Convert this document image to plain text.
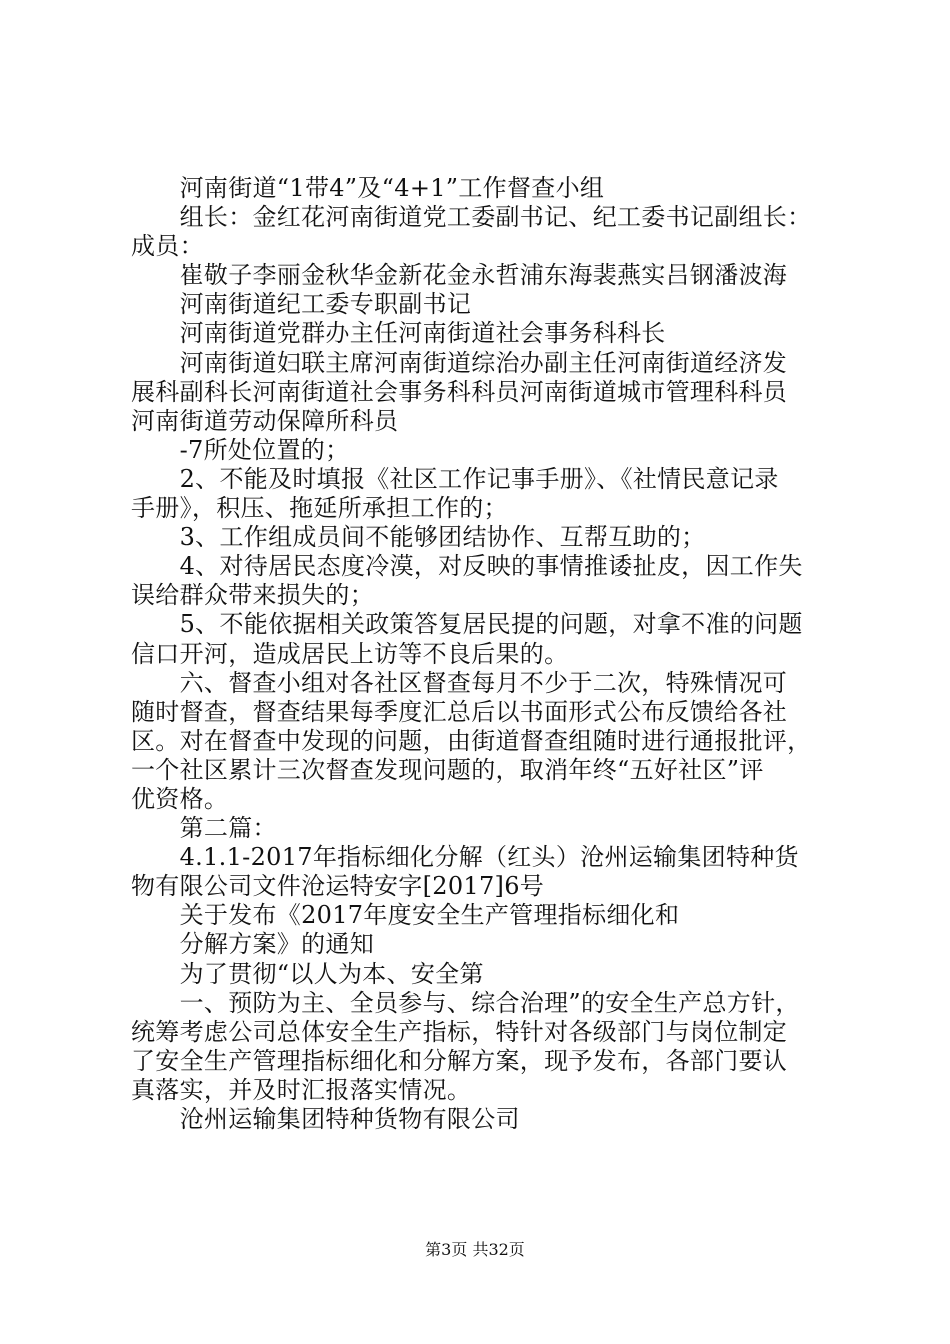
　　河南街道“1带4”及“4+1”工作督查小组
　　组长：金红花河南街道党工委副书记、纪工委书记副组长：
成员：
　　崔敬子李丽金秋华金新花金永哲浦东海裴燕实吕钢潘波海
　　河南街道纪工委专职副书记
　　河南街道党群办主任河南街道社会事务科科长
　　河南街道妇联主席河南街道综治办副主任河南街道经济发
展科副科长河南街道社会事务科科员河南街道城市管理科科员
河南街道劳动保障所科员
　　-7所处位置的；
　　2、不能及时填报《社区工作记事手册》、《社情民意记录
手册》，积压、拖延所承担工作的；
　　3、工作组成员间不能够团结协作、互帮互助的；
　　4、对待居民态度冷漠，对反映的事情推诿扯皮，因工作失
误给群众带来损失的；
　　5、不能依据相关政策答复居民提的问题，对拿不准的问题
信口开河，造成居民上访等不良后果的。
　　六、督查小组对各社区督查每月不少于二次，特殊情况可
随时督查，督查结果每季度汇总后以书面形式公布反馈给各社
区。对在督查中发现的问题，由街道督查组随时进行通报批评，
一个社区累计三次督查发现问题的，取消年终“五好社区”评
优资格。
　　第二篇：
　　4.1.1-2017年指标细化分解（红头）沧州运输集团特种货
物有限公司文件沧运特安字[2017]6号
　　关于发布《2017年度安全生产管理指标细化和
　　分解方案》的通知
　　为了贯彻“以人为本、安全第
　　一、预防为主、全员参与、综合治理”的安全生产总方针，
统筹考虑公司总体安全生产指标，特针对各级部门与岗位制定
了安全生产管理指标细化和分解方案，现予发布，各部门要认
真落实，并及时汇报落实情况。
　　沧州运输集团特种货物有限公司
第3页 共32页
